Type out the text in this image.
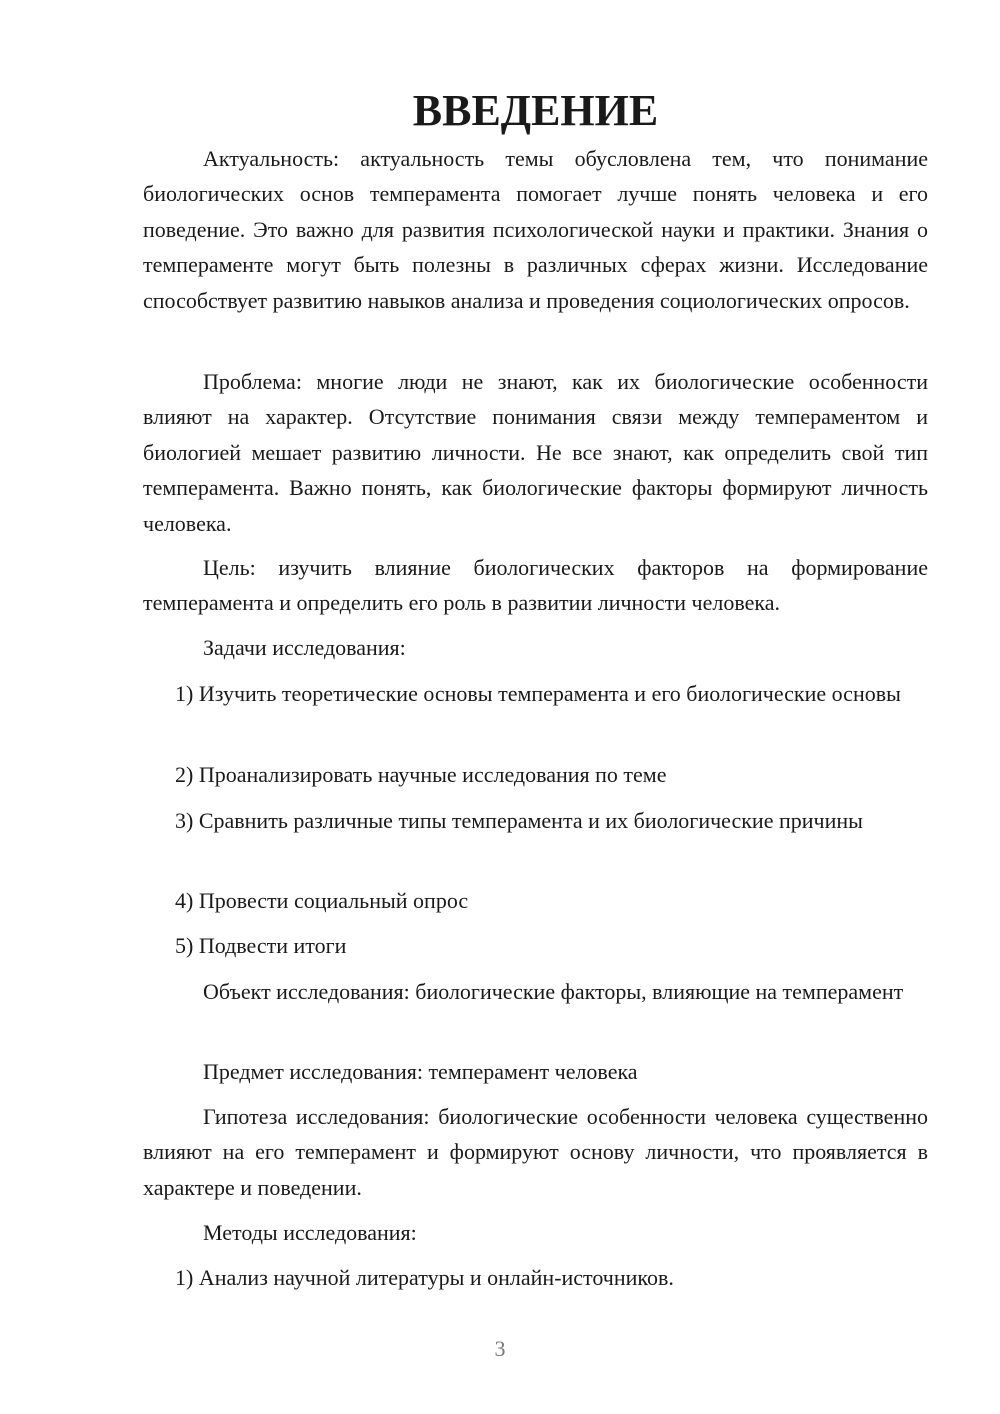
ВВЕДЕНИЕ

Актуальность: актуальность темы обусловлена тем, что понимание биологических основ темперамента помогает лучше понять человека и его поведение. Это важно для развития психологической науки и практики. Знания о темпераменте могут быть полезны в различных сферах жизни. Исследование способствует развитию навыков анализа и проведения социологических опросов.

Проблема: многие люди не знают, как их биологические особенности влияют на характер. Отсутствие понимания связи между темпераментом и биологией мешает развитию личности. Не все знают, как определить свой тип темперамента. Важно понять, как биологические факторы формируют личность человека.

Цель: изучить влияние биологических факторов на формирование темперамента и определить его роль в развитии личности человека.

Задачи исследования:

1) Изучить теоретические основы темперамента и его биологические основы

2) Проанализировать научные исследования по теме

3) Сравнить различные типы темперамента и их биологические причины

4) Провести социальный опрос

5) Подвести итоги

Объект исследования: биологические факторы, влияющие на темперамент

Предмет исследования: темперамент человека

Гипотеза исследования: биологические особенности человека существенно влияют на его темперамент и формируют основу личности, что проявляется в характере и поведении.

Методы исследования:

1) Анализ научной литературы и онлайн-источников.

3
